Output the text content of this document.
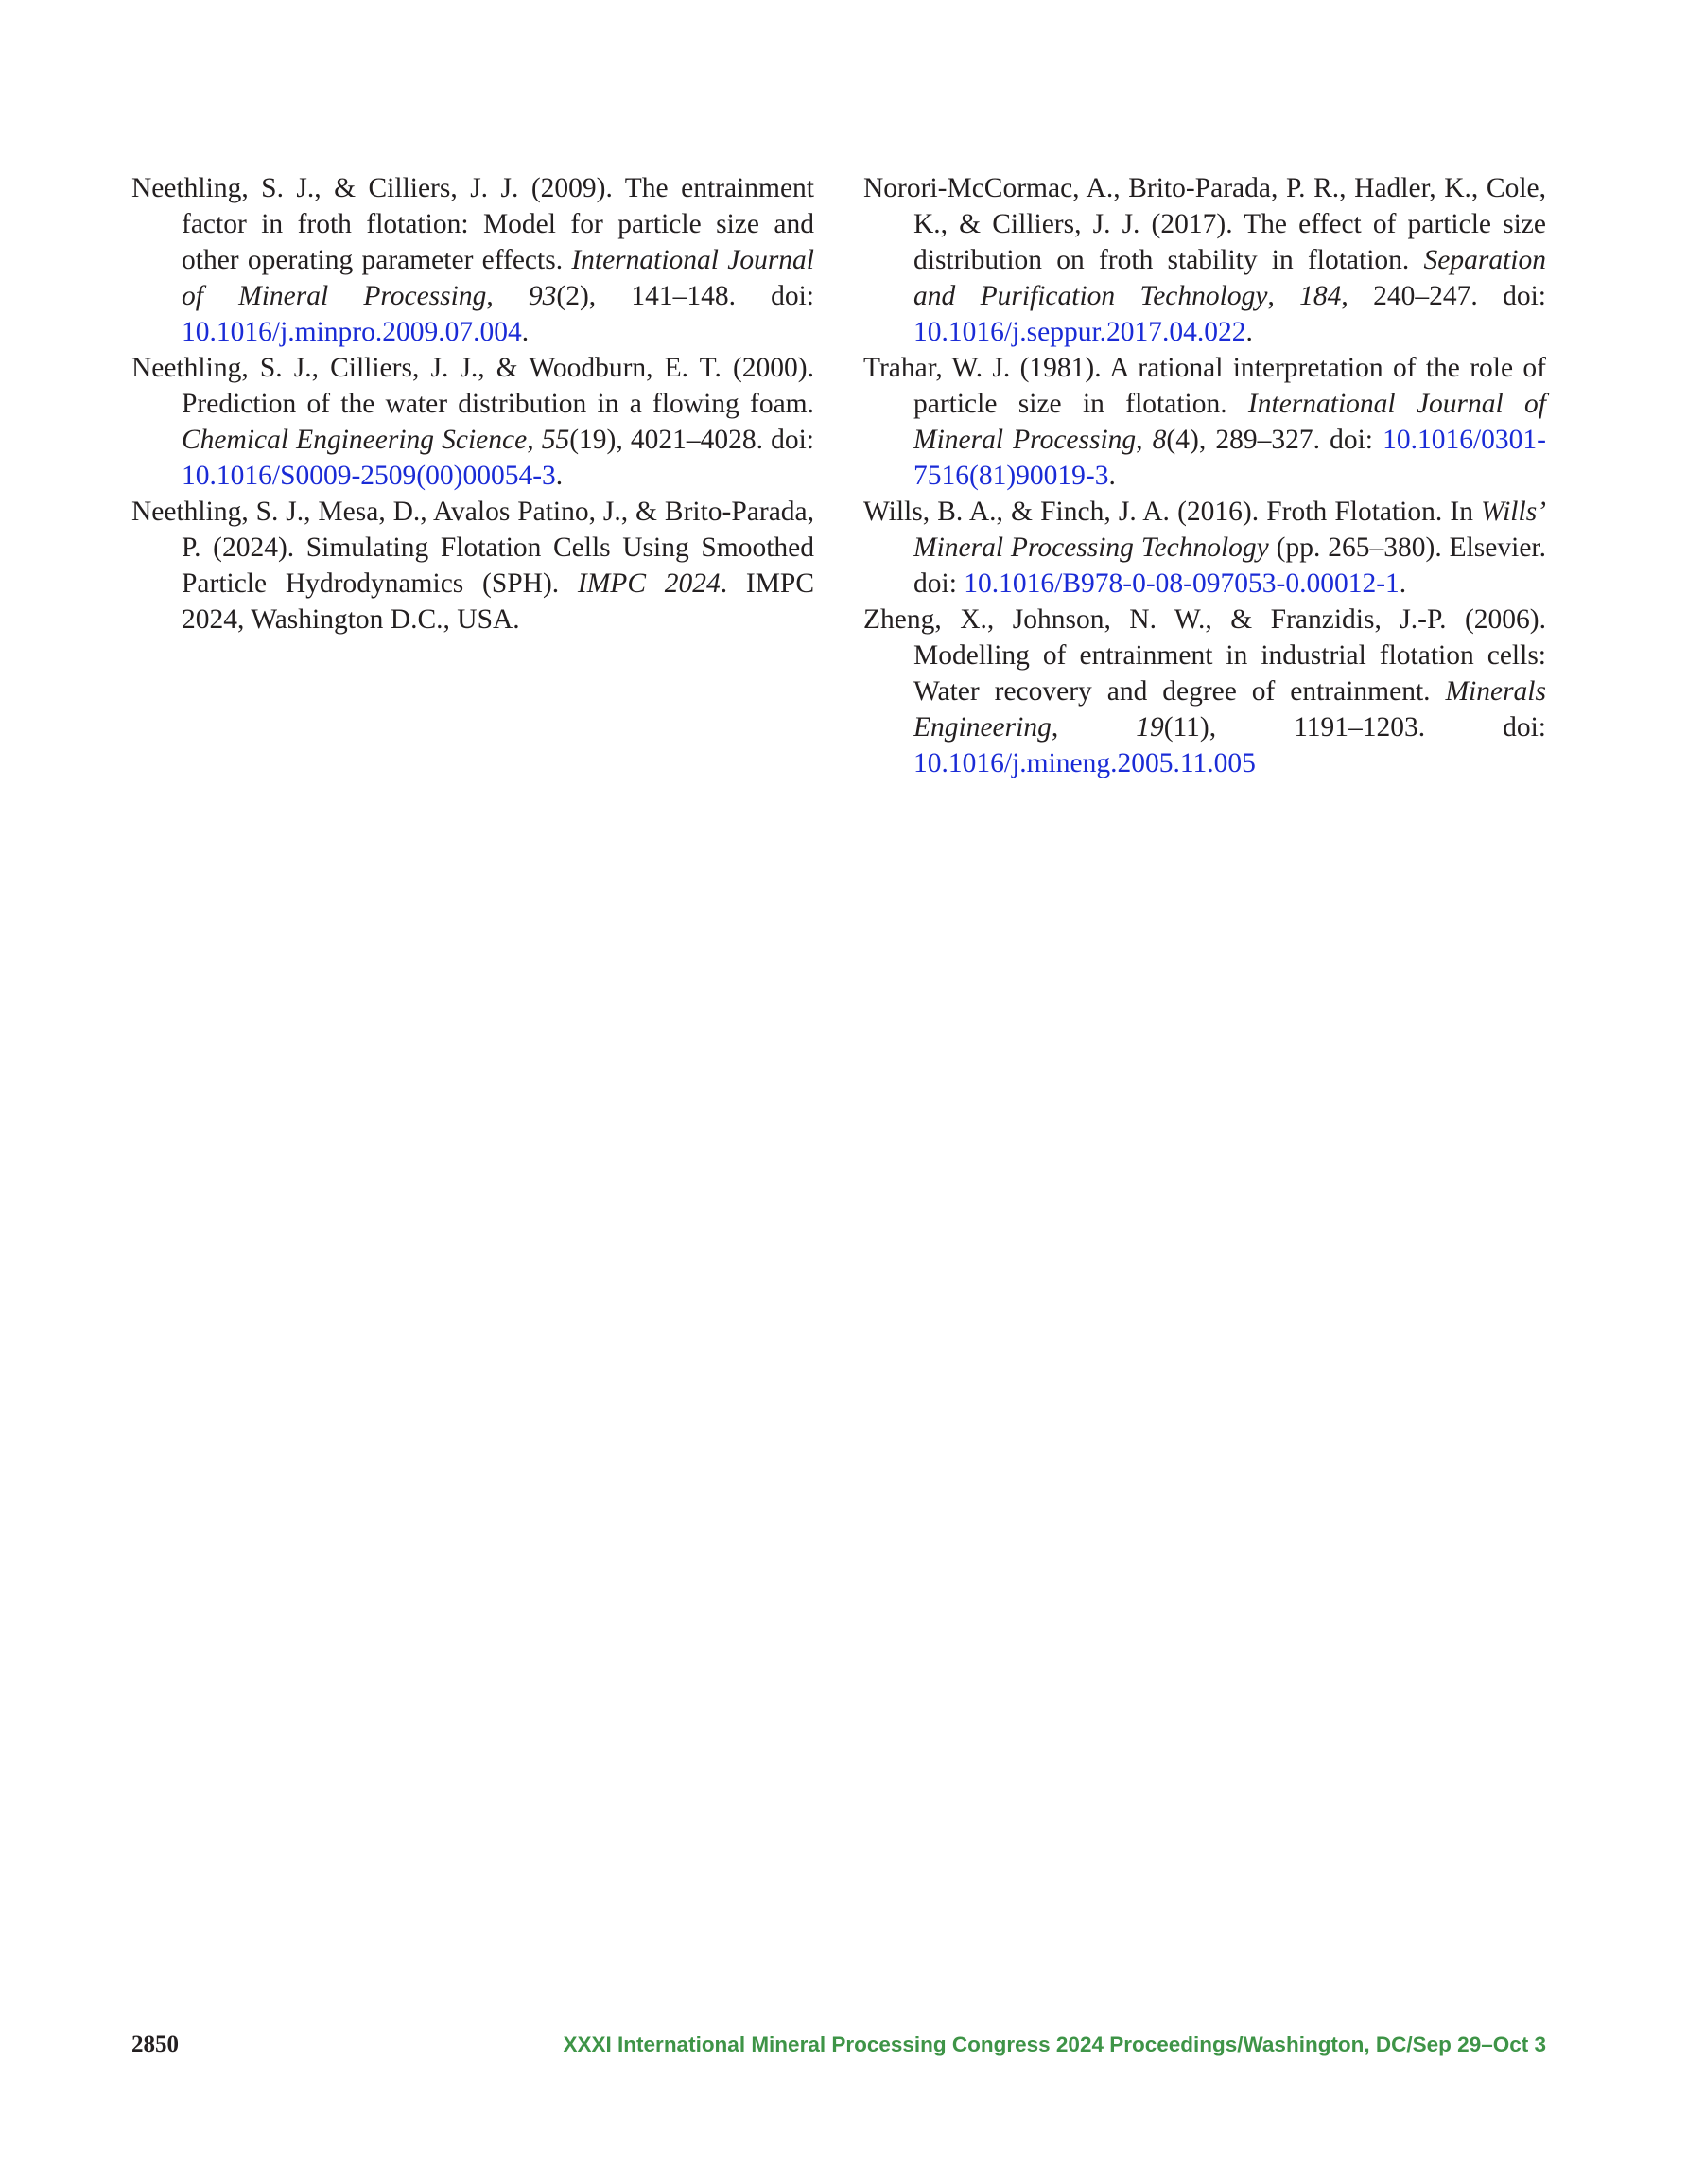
Neethling, S. J., & Cilliers, J. J. (2009). The entrainment factor in froth flotation: Model for particle size and other operating parameter effects. International Journal of Mineral Processing, 93(2), 141–148. doi: 10.1016/j.minpro.2009.07.004.

Neethling, S. J., Cilliers, J. J., & Woodburn, E. T. (2000). Prediction of the water distribution in a flowing foam. Chemical Engineering Science, 55(19), 4021–4028. doi: 10.1016/S0009-2509(00)00054-3.

Neethling, S. J., Mesa, D., Avalos Patino, J., & Brito-Parada, P. (2024). Simulating Flotation Cells Using Smoothed Particle Hydrodynamics (SPH). IMPC 2024. IMPC 2024, Washington D.C., USA.

Norori-McCormac, A., Brito-Parada, P. R., Hadler, K., Cole, K., & Cilliers, J. J. (2017). The effect of particle size distribution on froth stability in flotation. Separation and Purification Technology, 184, 240–247. doi: 10.1016/j.seppur.2017.04.022.

Trahar, W. J. (1981). A rational interpretation of the role of particle size in flotation. International Journal of Mineral Processing, 8(4), 289–327. doi: 10.1016/0301-7516(81)90019-3.

Wills, B. A., & Finch, J. A. (2016). Froth Flotation. In Wills’ Mineral Processing Technology (pp. 265–380). Elsevier. doi: 10.1016/B978-0-08-097053-0.00012-1.

Zheng, X., Johnson, N. W., & Franzidis, J.-P. (2006). Modelling of entrainment in industrial flotation cells: Water recovery and degree of entrainment. Minerals Engineering, 19(11), 1191–1203. doi: 10.1016/j.mineng.2005.11.005

2850	XXXI International Mineral Processing Congress 2024 Proceedings/Washington, DC/Sep 29–Oct 3
